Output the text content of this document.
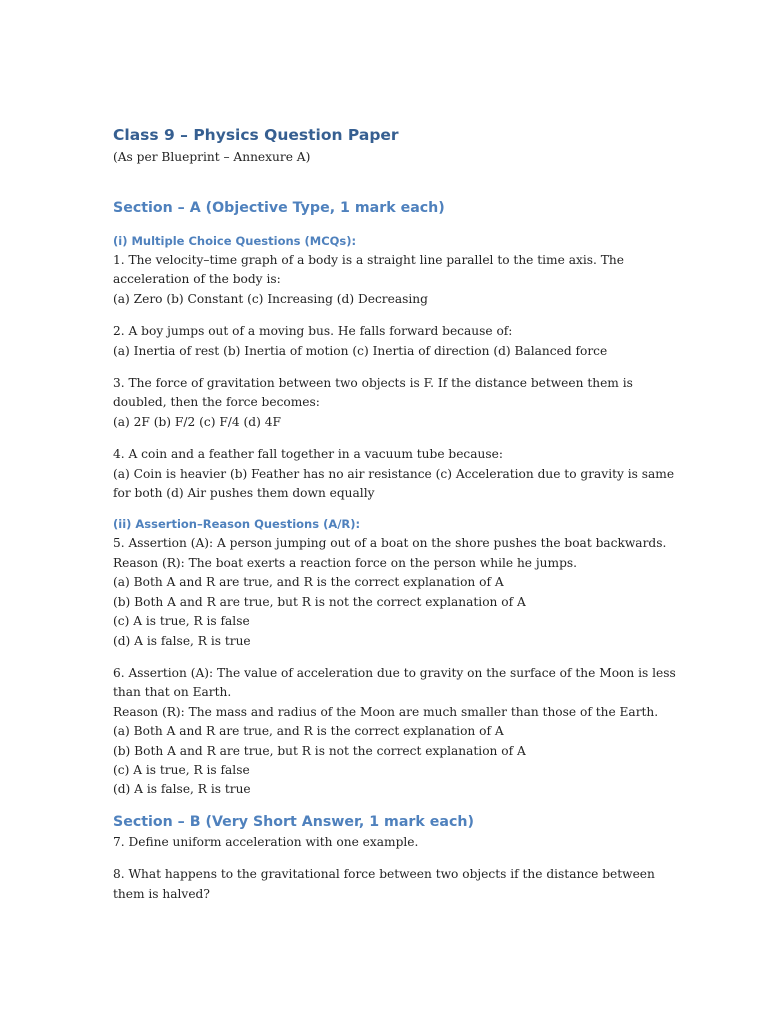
Class 9 – Physics Question Paper

(As per Blueprint – Annexure A)

Section – A (Objective Type, 1 mark each)
(i) Multiple Choice Questions (MCQs):

1. The velocity–time graph of a body is a straight line parallel to the time axis. The

acceleration of the body is:

(a) Zero (b) Constant (c) Increasing (d) Decreasing

2. A boy jumps out of a moving bus. He falls forward because of:

(a) Inertia of rest (b) Inertia of motion (c) Inertia of direction (d) Balanced force

3. The force of gravitation between two objects is F. If the distance between them is

doubled, then the force becomes:

(a) 2F (b) F/2 (c) F/4 (d) 4F

4. A coin and a feather fall together in a vacuum tube because:

(a) Coin is heavier (b) Feather has no air resistance (c) Acceleration due to gravity is same

for both (d) Air pushes them down equally

(ii) Assertion–Reason Questions (A/R):

5. Assertion (A): A person jumping out of a boat on the shore pushes the boat backwards.

Reason (R): The boat exerts a reaction force on the person while he jumps.

(a) Both A and R are true, and R is the correct explanation of A

(b) Both A and R are true, but R is not the correct explanation of A

(c) A is true, R is false

(d) A is false, R is true

6. Assertion (A): The value of acceleration due to gravity on the surface of the Moon is less

than that on Earth.

Reason (R): The mass and radius of the Moon are much smaller than those of the Earth.

(a) Both A and R are true, and R is the correct explanation of A

(b) Both A and R are true, but R is not the correct explanation of A

(c) A is true, R is false

(d) A is false, R is true

Section – B (Very Short Answer, 1 mark each)

7. Define uniform acceleration with one example.

8. What happens to the gravitational force between two objects if the distance between

them is halved?
